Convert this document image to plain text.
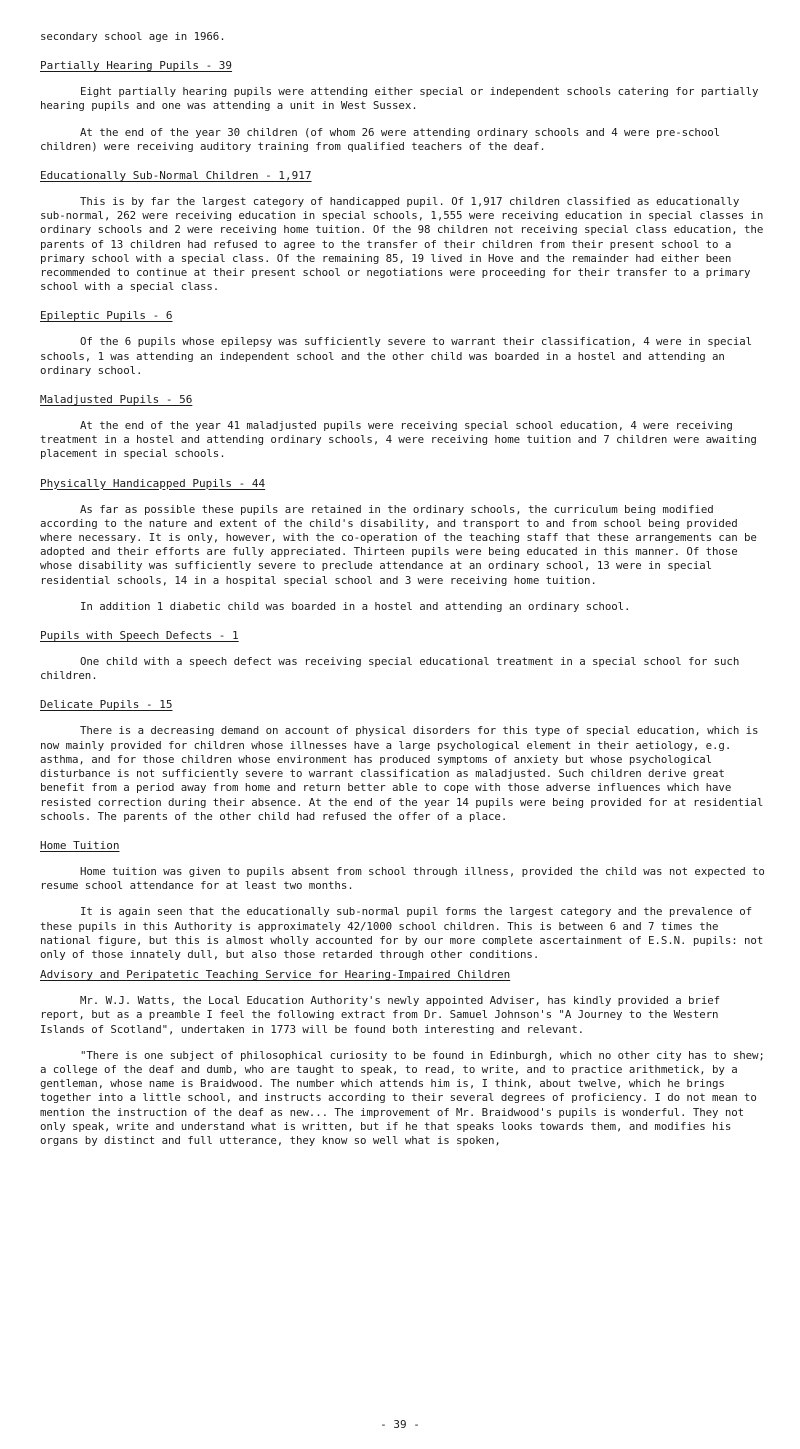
secondary school age in 1966.

Partially Hearing Pupils - 39

Eight partially hearing pupils were attending either special or independent schools catering for partially hearing pupils and one was attending a unit in West Sussex.

At the end of the year 30 children (of whom 26 were attending ordinary schools and 4 were pre-school children) were receiving auditory training from qualified teachers of the deaf.

Educationally Sub-Normal Children - 1,917

This is by far the largest category of handicapped pupil. Of 1,917 children classified as educationally sub-normal, 262 were receiving education in special schools, 1,555 were receiving education in special classes in ordinary schools and 2 were receiving home tuition. Of the 98 children not receiving special class education, the parents of 13 children had refused to agree to the transfer of their children from their present school to a primary school with a special class. Of the remaining 85, 19 lived in Hove and the remainder had either been recommended to continue at their present school or negotiations were proceeding for their transfer to a primary school with a special class.

Epileptic Pupils - 6

Of the 6 pupils whose epilepsy was sufficiently severe to warrant their classification, 4 were in special schools, 1 was attending an independent school and the other child was boarded in a hostel and attending an ordinary school.

Maladjusted Pupils - 56

At the end of the year 41 maladjusted pupils were receiving special school education, 4 were receiving treatment in a hostel and attending ordinary schools, 4 were receiving home tuition and 7 children were awaiting placement in special schools.

Physically Handicapped Pupils - 44

As far as possible these pupils are retained in the ordinary schools, the curriculum being modified according to the nature and extent of the child's disability, and transport to and from school being provided where necessary. It is only, however, with the co-operation of the teaching staff that these arrangements can be adopted and their efforts are fully appreciated. Thirteen pupils were being educated in this manner. Of those whose disability was sufficiently severe to preclude attendance at an ordinary school, 13 were in special residential schools, 14 in a hospital special school and 3 were receiving home tuition.

In addition 1 diabetic child was boarded in a hostel and attending an ordinary school.

Pupils with Speech Defects - 1

One child with a speech defect was receiving special educational treatment in a special school for such children.

Delicate Pupils - 15

There is a decreasing demand on account of physical disorders for this type of special education, which is now mainly provided for children whose illnesses have a large psychological element in their aetiology, e.g. asthma, and for those children whose environment has produced symptoms of anxiety but whose psychological disturbance is not sufficiently severe to warrant classification as maladjusted. Such children derive great benefit from a period away from home and return better able to cope with those adverse influences which have resisted correction during their absence. At the end of the year 14 pupils were being provided for at residential schools. The parents of the other child had refused the offer of a place.

Home Tuition

Home tuition was given to pupils absent from school through illness, provided the child was not expected to resume school attendance for at least two months.

It is again seen that the educationally sub-normal pupil forms the largest category and the prevalence of these pupils in this Authority is approximately 42/1000 school children. This is between 6 and 7 times the national figure, but this is almost wholly accounted for by our more complete ascertainment of E.S.N. pupils: not only of those innately dull, but also those retarded through other conditions.

Advisory and Peripatetic Teaching Service for Hearing-Impaired Children

Mr. W.J. Watts, the Local Education Authority's newly appointed Adviser, has kindly provided a brief report, but as a preamble I feel the following extract from Dr. Samuel Johnson's "A Journey to the Western Islands of Scotland", undertaken in 1773 will be found both interesting and relevant.

"There is one subject of philosophical curiosity to be found in Edinburgh, which no other city has to shew; a college of the deaf and dumb, who are taught to speak, to read, to write, and to practice arithmetick, by a gentleman, whose name is Braidwood. The number which attends him is, I think, about twelve, which he brings together into a little school, and instructs according to their several degrees of proficiency. I do not mean to mention the instruction of the deaf as new... The improvement of Mr. Braidwood's pupils is wonderful. They not only speak, write and understand what is written, but if he that speaks looks towards them, and modifies his organs by distinct and full utterance, they know so well what is spoken,

- 39 -
